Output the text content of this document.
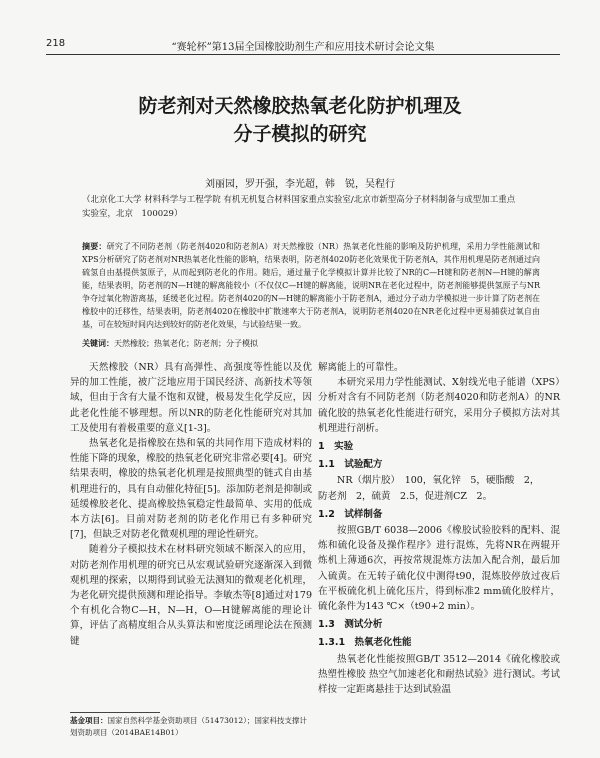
218	“赛轮杯”第13届全国橡胶助剂生产和应用技术研讨会论文集
防老剂对天然橡胶热氧老化防护机理及
分子模拟的研究
刘丽园，罗开强，李光超，韩　锐，吴程行
（北京化工大学 材料科学与工程学院 有机无机复合材料国家重点实验室/北京市新型高分子材料制备与成型加工重点
实验室，北京　100029）
摘要：研究了不同防老剂（防老剂4020和防老剂A）对天然橡胶（NR）热氧老化性能的影响及防护机理，采用力学性能测试和XPS分析研究了防老剂对NR热氧老化性能的影响，结果表明，防老剂4020防老化效果优于防老剂A，其作用机理是防老剂通过向硫氢自由基提供氢原子，从而起到防老化的作用。随后，通过量子化学模拟计算并比较了NR的C—H键和防老剂N—H键的解离能，结果表明，防老剂的N—H键的解离能较小（不仅仅C—H键的解离能，说明NR在老化过程中，防老剂能够提供氢原子与NR争夺过氧化物游离基，延缓老化过程。防老剂4020的N—H键的解离能小于防老剂A，通过分子动力学模拟进一步计算了防老剂在橡胶中的迁移性，结果表明，防老剂4020在橡胶中扩散速率大于防老剂A，说明防老剂4020在NR老化过程中更易捕获过氧自由基，可在较短时间内达到较好的防老化效果，与试验结果一致。
关键词：天然橡胶；热氧老化；防老剂；分子模拟

天然橡胶（NR）具有高弹性、高强度等性能以及优异的加工性能，被广泛地应用于国民经济、高新技术等领域，但由于含有大量不饱和双键，极易发生化学反应，因此老化性能不够理想。所以NR的防老化性能研究对其加工及使用有着极重要的意义[1-3]。

热氧老化是指橡胶在热和氧的共同作用下造成材料的性能下降的现象，橡胶的热氧老化研究非常必要[4]。研究结果表明，橡胶的热氧老化机理是按照典型的链式自由基机理进行的，具有自动催化特征[5]。添加防老剂是抑制或延缓橡胶老化、提高橡胶热氧稳定性最简单、实用的低成本方法[6]。目前对防老剂的防老化作用已有多种研究[7]，但缺乏对防老化微观机理的理论性研究。

随着分子模拟技术在材料研究领域不断深入的应用，对防老剂作用机理的研究已从宏观试验研究逐渐深入到微观机理的探索，以期得到试验无法测知的微观老化机理，为老化研究提供预测和理论指导。李敏杰等[8]通过对179个有机化合物C—H，N—H，O—H键解离能的理论计算，评估了高精度组合从头算法和密度泛函理论法在预测键

解离能上的可靠性。

本研究采用力学性能测试、X射线光电子能谱（XPS）分析对含有不同防老剂（防老剂4020和防老剂A）的NR硫化胶的热氧老化性能进行研究，采用分子模拟方法对其机理进行剖析。

1　实验
1.1　试验配方

NR（烟片胶）　100，氧化锌　5，硬脂酸　2，

防老剂　2，硫黄　2.5，促进剂CZ　2。

1.2　试样制备

按照GB/T 6038—2006《橡胶试验胶料的配料、混炼和硫化设备及操作程序》进行混炼，先将NR在两辊开炼机上薄通6次，再按常规混炼方法加入配合剂，最后加入硫黄。在无转子硫化仪中测得t90，混炼胶停放过夜后在平板硫化机上硫化压片，得到标准2 mm硫化胶样片，硫化条件为143 ℃×（t90+2 min）。

1.3　测试分析
1.3.1　热氧老化性能

热氧老化性能按照GB/T 3512—2014《硫化橡胶或热塑性橡胶 热空气加速老化和耐热试验》进行测试。考试样按一定距离悬挂于达到试验温

基金项目：国家自然科学基金资助项目（51473012）；国家科技支撑计划资助项目（2014BAE14B01）
